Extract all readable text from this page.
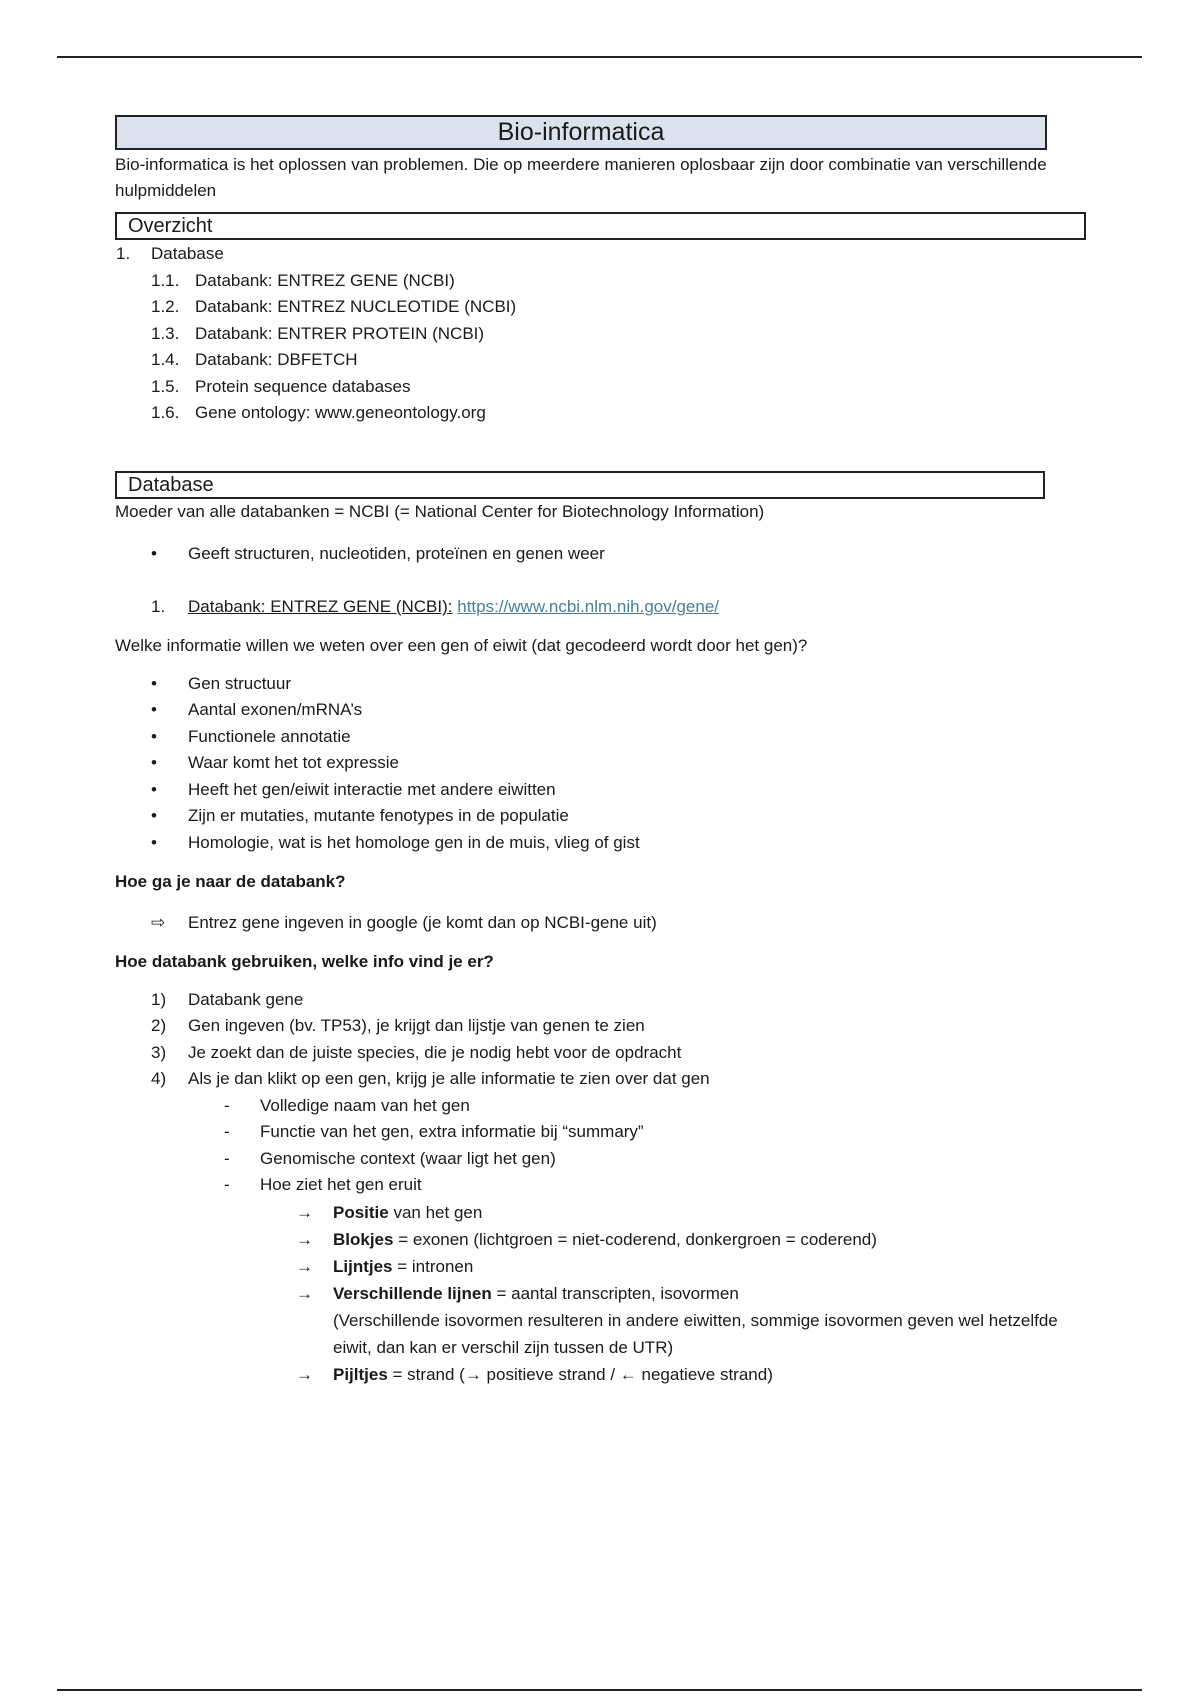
Bio-informatica

Bio-informatica is het oplossen van problemen. Die op meerdere manieren oplosbaar zijn door combinatie van verschillende hulpmiddelen

Overzicht
1. Database
1.1. Databank: ENTREZ GENE (NCBI)
1.2. Databank: ENTREZ NUCLEOTIDE (NCBI)
1.3. Databank: ENTRER PROTEIN (NCBI)
1.4. Databank: DBFETCH
1.5. Protein sequence databases
1.6. Gene ontology: www.geneontology.org
Database

Moeder van alle databanken = NCBI (= National Center for Biotechnology Information)

• Geeft structuren, nucleotiden, proteïnen en genen weer
1. Databank: ENTREZ GENE (NCBI): https://www.ncbi.nlm.nih.gov/gene/

Welke informatie willen we weten over een gen of eiwit (dat gecodeerd wordt door het gen)?

• Gen structuur
• Aantal exonen/mRNA’s
• Functionele annotatie
• Waar komt het tot expressie
• Heeft het gen/eiwit interactie met andere eiwitten
• Zijn er mutaties, mutante fenotypes in de populatie
• Homologie, wat is het homologe gen in de muis, vlieg of gist

Hoe ga je naar de databank?

⇨ Entrez gene ingeven in google (je komt dan op NCBI-gene uit)

Hoe databank gebruiken, welke info vind je er?

1) Databank gene
2) Gen ingeven (bv. TP53), je krijgt dan lijstje van genen te zien
3) Je zoekt dan de juiste species, die je nodig hebt voor de opdracht
4) Als je dan klikt op een gen, krijg je alle informatie te zien over dat gen
- Volledige naam van het gen
- Functie van het gen, extra informatie bij “summary”
- Genomische context (waar ligt het gen)
- Hoe ziet het gen eruit
→ Positie van het gen
→ Blokjes = exonen (lichtgroen = niet-coderend, donkergroen = coderend)
→ Lijntjes = intronen
→ Verschillende lijnen = aantal transcripten, isovormen
(Verschillende isovormen resulteren in andere eiwitten, sommige isovormen geven wel hetzelfde eiwit, dan kan er verschil zijn tussen de UTR)
→ Pijltjes = strand (→ positieve strand / ← negatieve strand)
